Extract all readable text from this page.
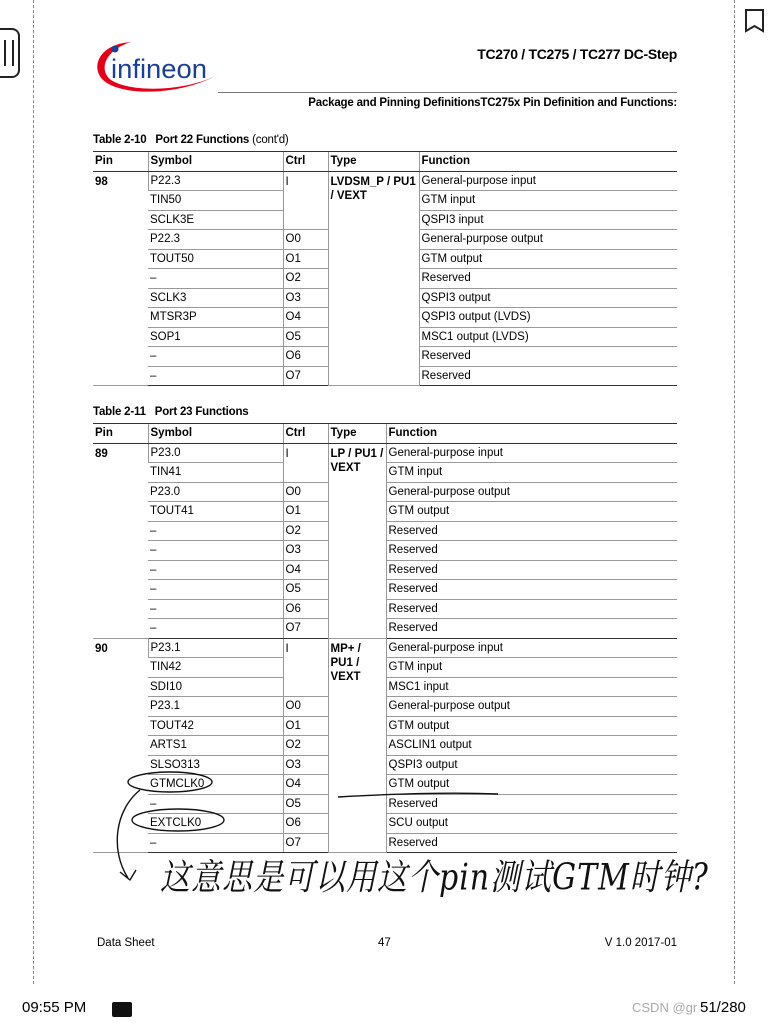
infineon	TC270 / TC275 / TC277 DC-Step
Package and Pinning DefinitionsTC275x Pin Definition and Functions:
Table 2-10 Port 22 Functions (cont'd)
Pin	Symbol	Ctrl	Type	Function
98	P22.3	I	LVDSM_P / PU1 / VEXT	General-purpose input
	TIN50			GTM input
	SCLK3E			QSPI3 input
	P22.3	O0		General-purpose output
	TOUT50	O1		GTM output
	–	O2		Reserved
	SCLK3	O3		QSPI3 output
	MTSR3P	O4		QSPI3 output (LVDS)
	SOP1	O5		MSC1 output (LVDS)
	–	O6		Reserved
	–	O7		Reserved
Table 2-11 Port 23 Functions
Pin	Symbol	Ctrl	Type	Function
89	P23.0	I	LP / PU1 / VEXT	General-purpose input
	TIN41			GTM input
	P23.0	O0		General-purpose output
	TOUT41	O1		GTM output
	–	O2		Reserved
	–	O3		Reserved
	–	O4		Reserved
	–	O5		Reserved
	–	O6		Reserved
	–	O7		Reserved
90	P23.1	I	MP+ / PU1 / VEXT	General-purpose input
	TIN42			GTM input
	SDI10			MSC1 input
	P23.1	O0		General-purpose output
	TOUT42	O1		GTM output
	ARTS1	O2		ASCLIN1 output
	SLSO313	O3		QSPI3 output
	GTMCLK0	O4		GTM output
	–	O5		Reserved
	EXTCLK0	O6		SCU output
	–	O7		Reserved
这意思是可以用这个pin测试GTM时钟?
Data Sheet	47	V 1.0 2017-01
09:55 PM	CSDN @gr 51/280
